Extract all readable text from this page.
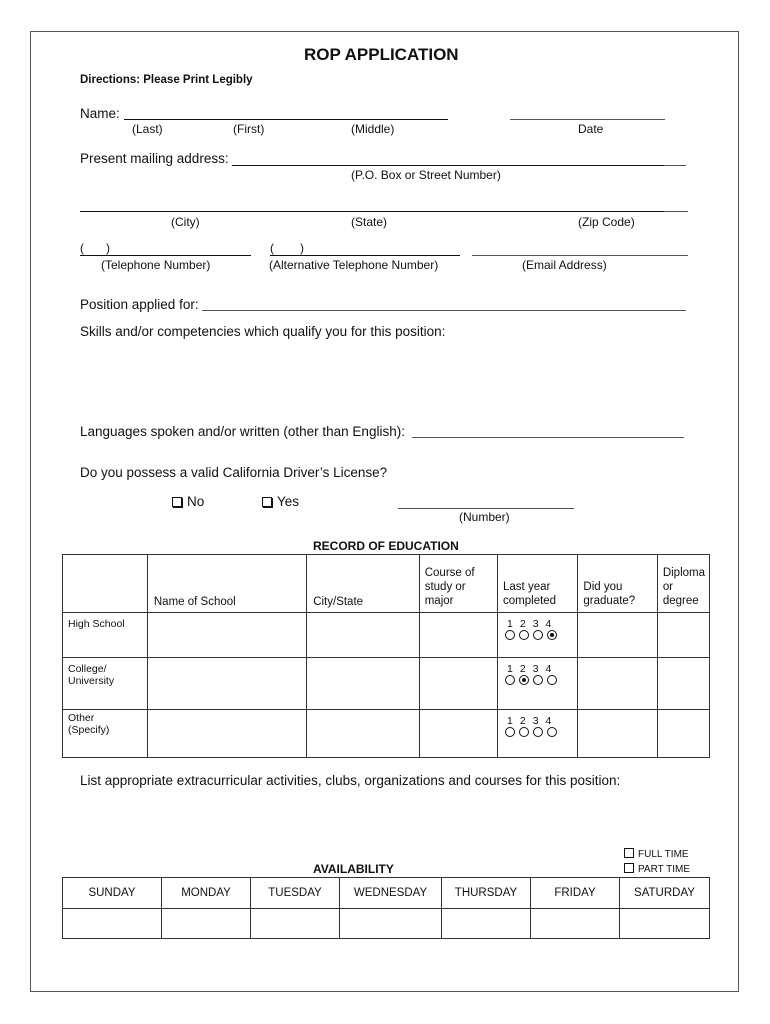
ROP APPLICATION
Directions: Please Print Legibly
Name:
(Last)	(First)	(Middle)	Date
Present mailing address:
(P.O. Box or Street Number)
(City)	(State)	(Zip Code)
( )	( )
(Telephone Number)	(Alternative Telephone Number)	(Email Address)
Position applied for:
Skills and/or competencies which qualify you for this position:
Languages spoken and/or written (other than English):
Do you possess a valid California Driver’s License?
No	Yes
(Number)
RECORD OF EDUCATION
	Name of School	City/State	Course of study or major	Last year completed	Did you graduate?	Diploma or degree
High School				1 2 3 4		

College/ University				1 2 3 4		

Other (Specify)				1 2 3 4		

List appropriate extracurricular activities, clubs, organizations and courses for this position:
AVAILABILITY
FULL TIME
PART TIME
SUNDAY	MONDAY	TUESDAY	WEDNESDAY	THURSDAY	FRIDAY	SATURDAY
